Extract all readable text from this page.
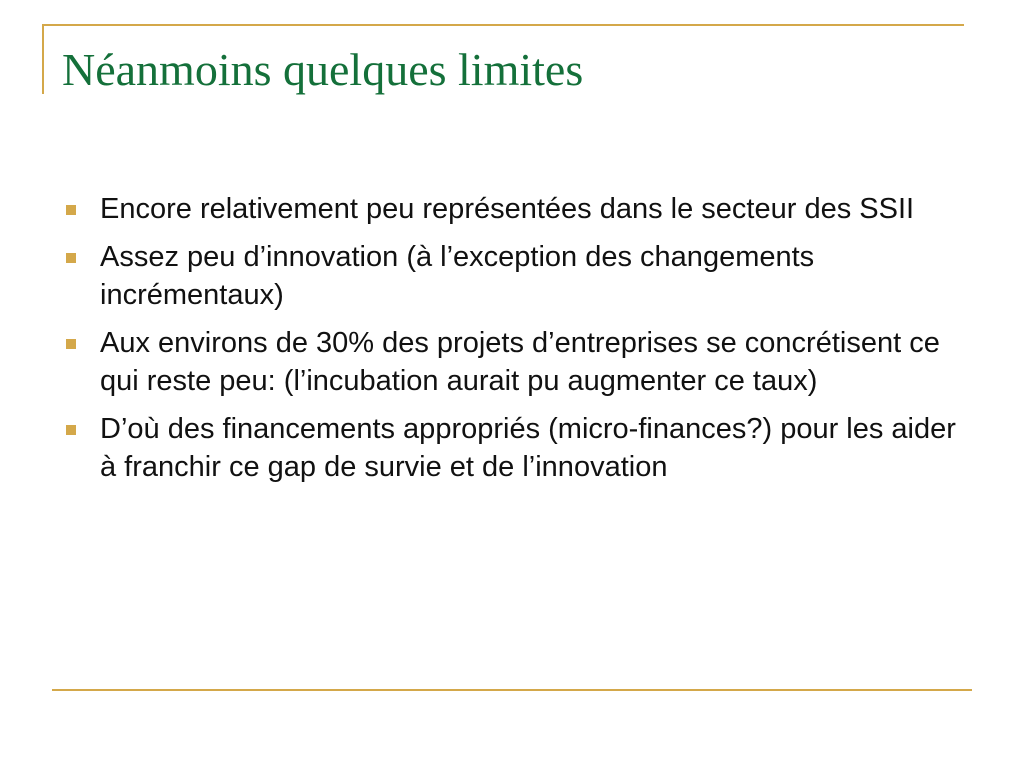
Néanmoins quelques limites
Encore relativement peu représentées dans le secteur des SSII
Assez peu d’innovation (à l’exception des changements incrémentaux)
Aux environs de 30% des projets d’entreprises se concrétisent ce qui reste peu: (l’incubation aurait pu augmenter ce taux)
D’où des financements appropriés (micro-finances?) pour les aider à franchir ce gap de survie et de l’innovation
